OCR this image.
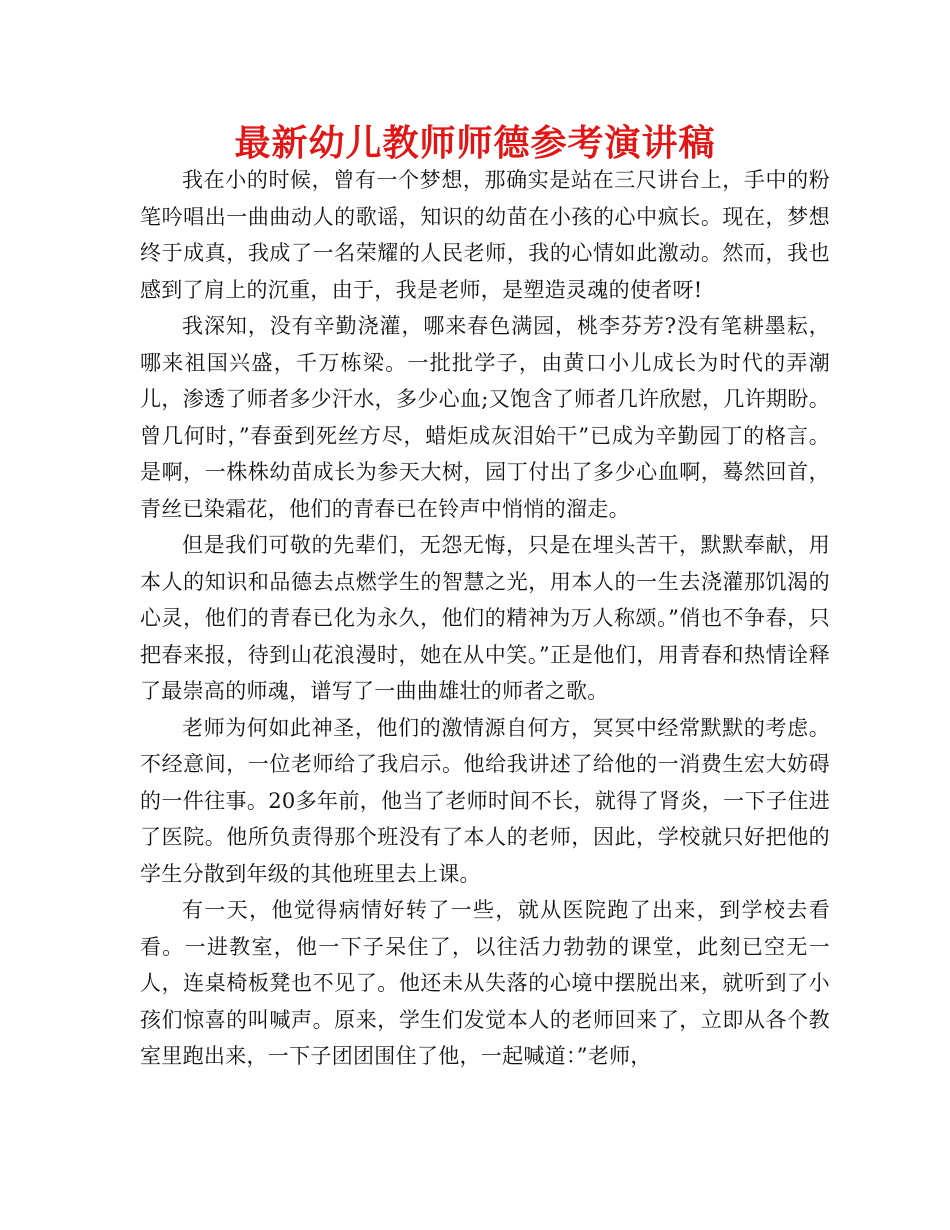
最新幼儿教师师德参考演讲稿

我在小的时候，曾有一个梦想，那确实是站在三尺讲台上，手中的粉笔吟唱出一曲曲动人的歌谣，知识的幼苗在小孩的心中疯长。现在，梦想终于成真，我成了一名荣耀的人民老师，我的心情如此激动。然而，我也感到了肩上的沉重，由于，我是老师，是塑造灵魂的使者呀!

我深知，没有辛勤浇灌，哪来春色满园，桃李芬芳?没有笔耕墨耘，哪来祖国兴盛，千万栋梁。一批批学子，由黄口小儿成长为时代的弄潮儿，渗透了师者多少汗水，多少心血;又饱含了师者几许欣慰，几许期盼。曾几何时，”春蚕到死丝方尽，蜡炬成灰泪始干”已成为辛勤园丁的格言。是啊，一株株幼苗成长为参天大树，园丁付出了多少心血啊，蓦然回首，青丝已染霜花，他们的青春已在铃声中悄悄的溜走。

但是我们可敬的先辈们，无怨无悔，只是在埋头苦干，默默奉献，用本人的知识和品德去点燃学生的智慧之光，用本人的一生去浇灌那饥渴的心灵，他们的青春已化为永久，他们的精神为万人称颂。”俏也不争春，只把春来报，待到山花浪漫时，她在从中笑。”正是他们，用青春和热情诠释了最崇高的师魂，谱写了一曲曲雄壮的师者之歌。

老师为何如此神圣，他们的激情源自何方，冥冥中经常默默的考虑。不经意间，一位老师给了我启示。他给我讲述了给他的一消费生宏大妨碍的一件往事。20多年前，他当了老师时间不长，就得了肾炎，一下子住进了医院。他所负责得那个班没有了本人的老师，因此，学校就只好把他的学生分散到年级的其他班里去上课。

有一天，他觉得病情好转了一些，就从医院跑了出来，到学校去看看。一进教室，他一下子呆住了，以往活力勃勃的课堂，此刻已空无一人，连桌椅板凳也不见了。他还未从失落的心境中摆脱出来，就听到了小孩们惊喜的叫喊声。原来，学生们发觉本人的老师回来了，立即从各个教室里跑出来，一下子团团围住了他，一起喊道：”老师，
